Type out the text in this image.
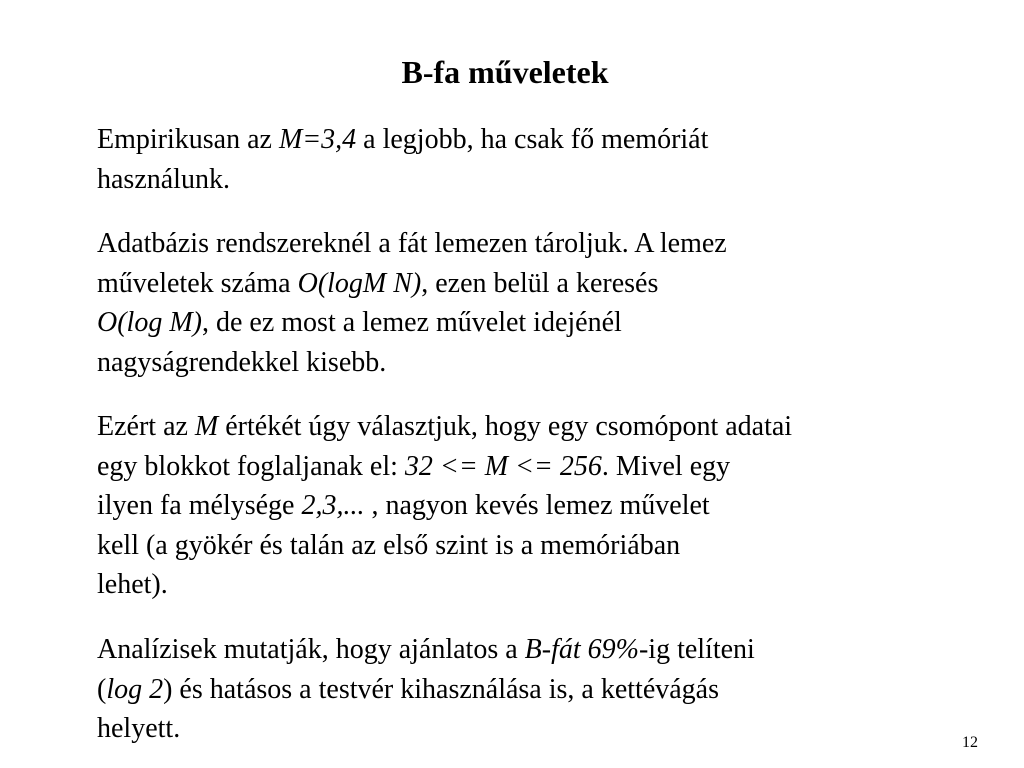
B-fa műveletek

Empirikusan az M=3,4 a legjobb, ha csak fő memóriát
használunk.

Adatbázis rendszereknél a fát lemezen tároljuk. A lemez
műveletek száma O(logM N), ezen belül a keresés
O(log M), de ez most a lemez művelet idejénél
nagyságrendekkel kisebb.

Ezért az M értékét úgy választjuk, hogy egy csomópont adatai
egy blokkot foglaljanak el: 32 <= M <= 256. Mivel egy
ilyen fa mélysége 2,3,... , nagyon kevés lemez művelet
kell (a gyökér és talán az első szint is a memóriában
lehet).

Analízisek mutatják, hogy ajánlatos a B-fát 69%-ig telíteni
(log 2) és hatásos a testvér kihasználása is, a kettévágás
helyett.	12
